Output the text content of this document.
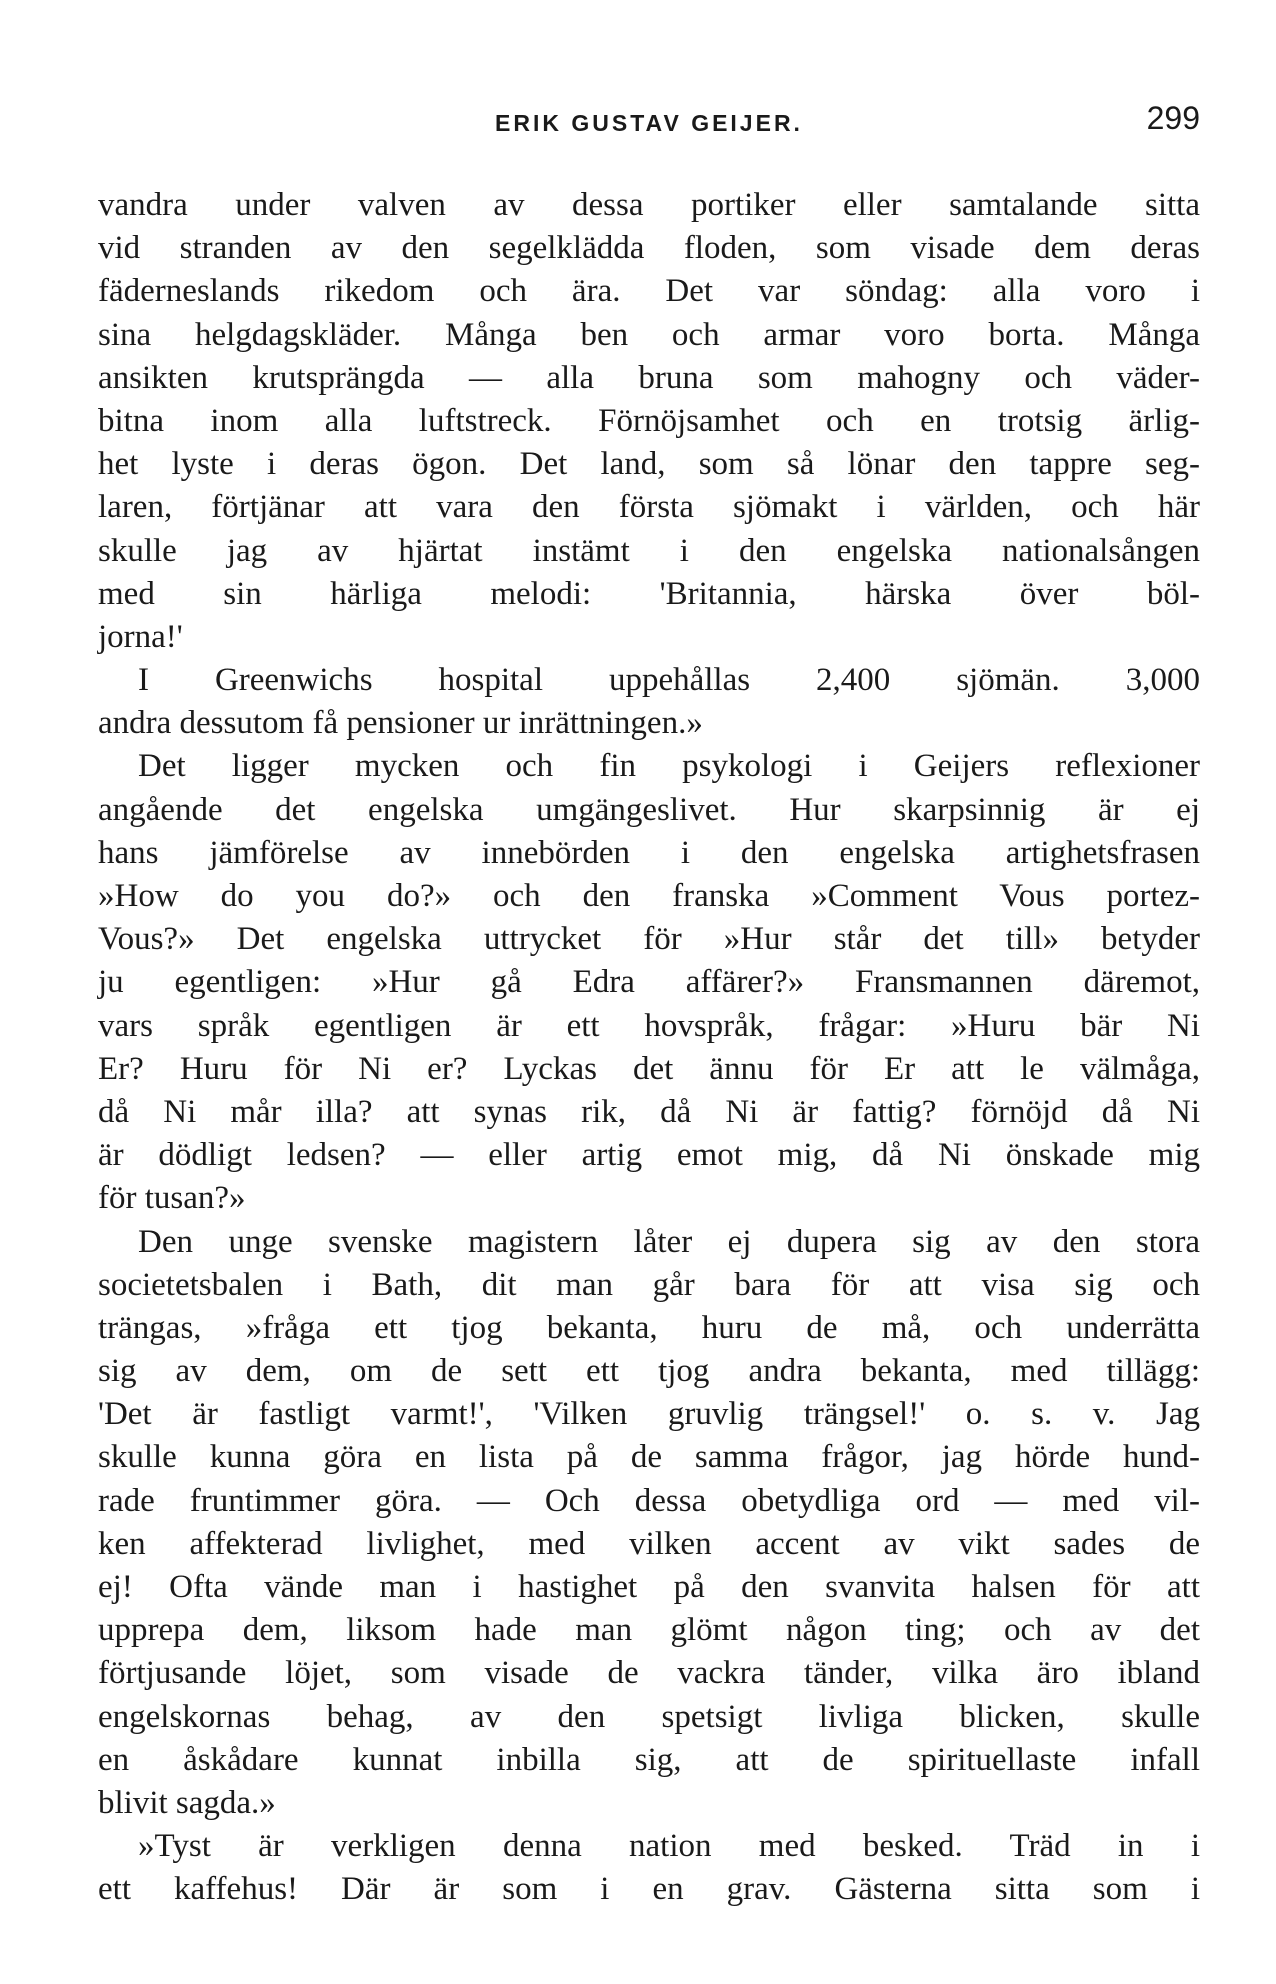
ERIK GUSTAV GEIJER.	299
vandra under valven av dessa portiker eller samtalande sitta
vid stranden av den segelklädda floden, som visade dem deras
fäderneslands rikedom och ära. Det var söndag: alla voro i
sina helgdagskläder. Många ben och armar voro borta. Många
ansikten krutsprängda — alla bruna som mahogny och väder-
bitna inom alla luftstreck. Förnöjsamhet och en trotsig ärlig-
het lyste i deras ögon. Det land, som så lönar den tappre seg-
laren, förtjänar att vara den första sjömakt i världen, och här
skulle jag av hjärtat instämt i den engelska nationalsången
med sin härliga melodi: 'Britannia, härska över böl-
jorna!'
I Greenwichs hospital uppehållas 2,400 sjömän. 3,000
andra dessutom få pensioner ur inrättningen.»
Det ligger mycken och fin psykologi i Geijers reflexioner
angående det engelska umgängeslivet. Hur skarpsinnig är ej
hans jämförelse av innebörden i den engelska artighetsfrasen
»How do you do?» och den franska »Comment Vous portez-
Vous?» Det engelska uttrycket för »Hur står det till» betyder
ju egentligen: »Hur gå Edra affärer?» Fransmannen däremot,
vars språk egentligen är ett hovspråk, frågar: »Huru bär Ni
Er? Huru för Ni er? Lyckas det ännu för Er att le välmåga,
då Ni mår illa? att synas rik, då Ni är fattig? förnöjd då Ni
är dödligt ledsen? — eller artig emot mig, då Ni önskade mig
för tusan?»
Den unge svenske magistern låter ej dupera sig av den stora
societetsbalen i Bath, dit man går bara för att visa sig och
trängas, »fråga ett tjog bekanta, huru de må, och underrätta
sig av dem, om de sett ett tjog andra bekanta, med tillägg:
'Det är fastligt varmt!', 'Vilken gruvlig trängsel!' o. s. v. Jag
skulle kunna göra en lista på de samma frågor, jag hörde hund-
rade fruntimmer göra. — Och dessa obetydliga ord — med vil-
ken affekterad livlighet, med vilken accent av vikt sades de
ej! Ofta vände man i hastighet på den svanvita halsen för att
upprepa dem, liksom hade man glömt någon ting; och av det
förtjusande löjet, som visade de vackra tänder, vilka äro ibland
engelskornas behag, av den spetsigt livliga blicken, skulle
en åskådare kunnat inbilla sig, att de spirituellaste infall
blivit sagda.»
»Tyst är verkligen denna nation med besked. Träd in i
ett kaffehus! Där är som i en grav. Gästerna sitta som i
